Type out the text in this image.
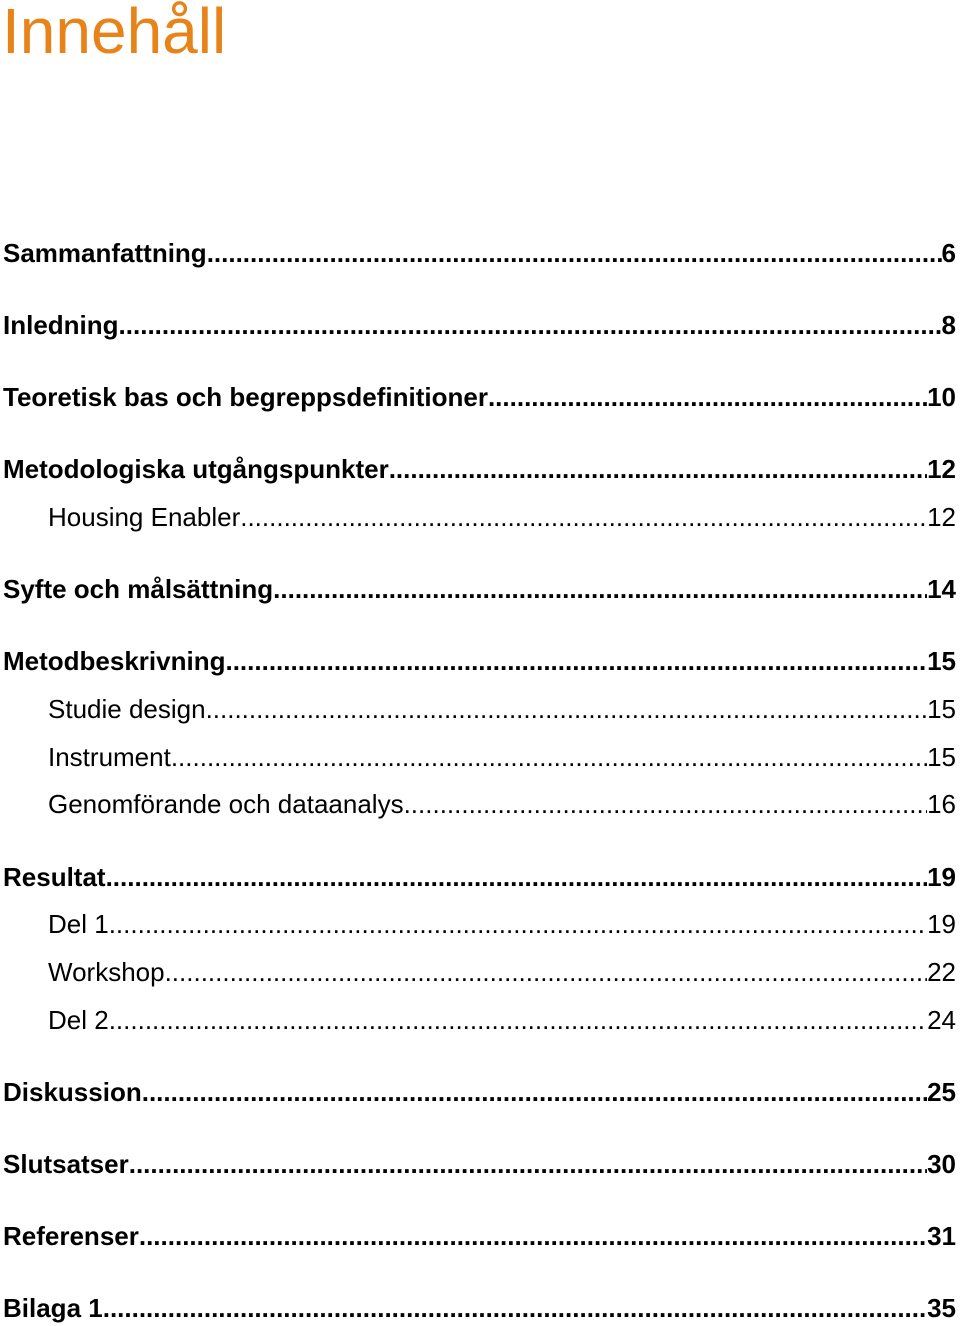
Innehåll
Sammanfattning .....	6
Inledning .....	8
Teoretisk bas och begreppsdefinitioner .....	10
Metodologiska utgångspunkter .....	12
Housing Enabler .....	12
Syfte och målsättning .....	14
Metodbeskrivning .....	15
Studie design .....	15
Instrument .....	15
Genomförande och dataanalys .....	16
Resultat .....	19
Del 1 .....	19
Workshop .....	22
Del 2 .....	24
Diskussion .....	25
Slutsatser .....	30
Referenser .....	31
Bilaga 1 .....	35
